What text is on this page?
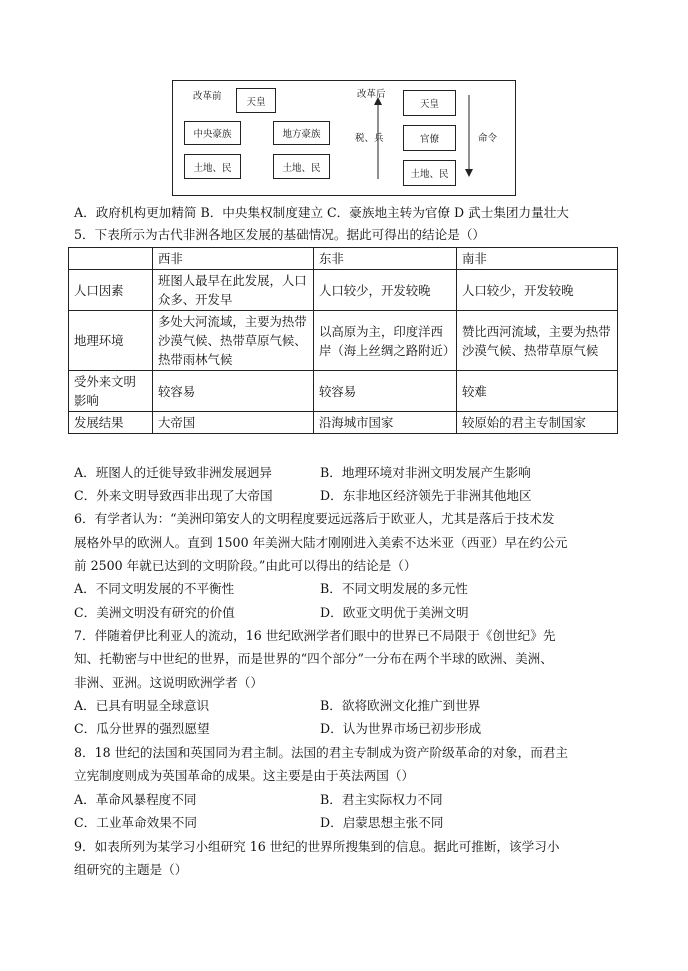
改革前	天皇
中央豪族	地方豪族
土地、民	土地、民
改革后
税、兵
天皇
官僚
土地、民
命令
A．政府机构更加精简 B．中央集权制度建立 C．豪族地主转为官僚 D 武士集团力量壮大
5．下表所示为古代非洲各地区发展的基础情况。据此可得出的结论是（）
	西非	东非	南非
人口因素	班图人最早在此发展，人口众多、开发早	人口较少，开发较晚	人口较少，开发较晚
地理环境	多处大河流域，主要为热带沙漠气候、热带草原气候、热带雨林气候	以高原为主，印度洋西岸（海上丝绸之路附近）	赞比西河流域，主要为热带沙漠气候、热带草原气候
受外来文明影响	较容易	较容易	较难
发展结果	大帝国	沿海城市国家	较原始的君主专制国家
A．班图人的迁徙导致非洲发展迥异	B．地理环境对非洲文明发展产生影响
C．外来文明导致西非出现了大帝国	D．东非地区经济领先于非洲其他地区
6．有学者认为：“美洲印第安人的文明程度要远远落后于欧亚人，尤其是落后于技术发
展格外早的欧洲人。直到 1500 年美洲大陆才刚刚进入美索不达米亚（西亚）早在约公元
前 2500 年就已达到的文明阶段。”由此可以得出的结论是（）
A．不同文明发展的不平衡性	B．不同文明发展的多元性
C．美洲文明没有研究的价值	D．欧亚文明优于美洲文明
7．伴随着伊比利亚人的流动，16 世纪欧洲学者们眼中的世界已不局限于《创世纪》先
知、托勒密与中世纪的世界，而是世界的“四个部分”一分布在两个半球的欧洲、美洲、
非洲、亚洲。这说明欧洲学者（）
A．已具有明显全球意识	B．欲将欧洲文化推广到世界
C．瓜分世界的强烈愿望	D．认为世界市场已初步形成
8．18 世纪的法国和英国同为君主制。法国的君主专制成为资产阶级革命的对象，而君主
立宪制度则成为英国革命的成果。这主要是由于英法两国（）
A．革命风暴程度不同	B．君主实际权力不同
C．工业革命效果不同	D．启蒙思想主张不同
9．如表所列为某学习小组研究 16 世纪的世界所搜集到的信息。据此可推断，该学习小
组研究的主题是（）
